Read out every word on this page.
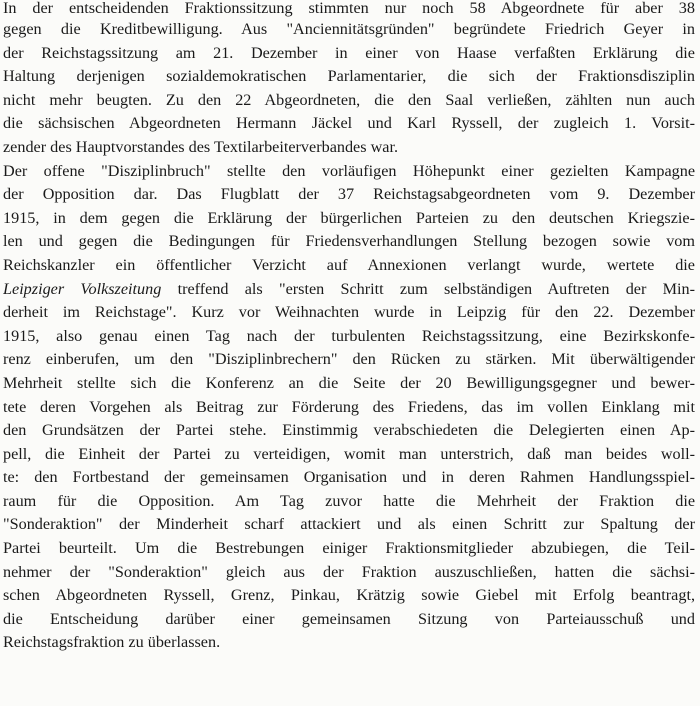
In der entscheidenden Fraktionssitzung stimmten nur noch 58 Abgeordnete für aber 38
gegen die Kreditbewilligung. Aus "Anciennitätsgründen" begründete Friedrich Geyer in
der Reichstagssitzung am 21. Dezember in einer von Haase verfaßten Erklärung die
Haltung derjenigen sozialdemokratischen Parlamentarier, die sich der Fraktionsdisziplin
nicht mehr beugten. Zu den 22 Abgeordneten, die den Saal verließen, zählten nun auch
die sächsischen Abgeordneten Hermann Jäckel und Karl Ryssell, der zugleich 1. Vorsit-
zender des Hauptvorstandes des Textilarbeiterverbandes war.
Der offene "Disziplinbruch" stellte den vorläufigen Höhepunkt einer gezielten Kampagne
der Opposition dar. Das Flugblatt der 37 Reichstagsabgeordneten vom 9. Dezember
1915, in dem gegen die Erklärung der bürgerlichen Parteien zu den deutschen Kriegszie-
len und gegen die Bedingungen für Friedensverhandlungen Stellung bezogen sowie vom
Reichskanzler ein öffentlicher Verzicht auf Annexionen verlangt wurde, wertete die
Leipziger Volkszeitung treffend als "ersten Schritt zum selbständigen Auftreten der Min-
derheit im Reichstage". Kurz vor Weihnachten wurde in Leipzig für den 22. Dezember
1915, also genau einen Tag nach der turbulenten Reichstagssitzung, eine Bezirkskonfe-
renz einberufen, um den "Disziplinbrechern" den Rücken zu stärken. Mit überwältigender
Mehrheit stellte sich die Konferenz an die Seite der 20 Bewilligungsgegner und bewer-
tete deren Vorgehen als Beitrag zur Förderung des Friedens, das im vollen Einklang mit
den Grundsätzen der Partei stehe. Einstimmig verabschiedeten die Delegierten einen Ap-
pell, die Einheit der Partei zu verteidigen, womit man unterstrich, daß man beides woll-
te: den Fortbestand der gemeinsamen Organisation und in deren Rahmen Handlungsspiel-
raum für die Opposition. Am Tag zuvor hatte die Mehrheit der Fraktion die
"Sonderaktion" der Minderheit scharf attackiert und als einen Schritt zur Spaltung der
Partei beurteilt. Um die Bestrebungen einiger Fraktionsmitglieder abzubiegen, die Teil-
nehmer der "Sonderaktion" gleich aus der Fraktion auszuschließen, hatten die sächsi-
schen Abgeordneten Ryssell, Grenz, Pinkau, Krätzig sowie Giebel mit Erfolg beantragt,
die Entscheidung darüber einer gemeinsamen Sitzung von Parteiausschuß und
Reichstagsfraktion zu überlassen.
